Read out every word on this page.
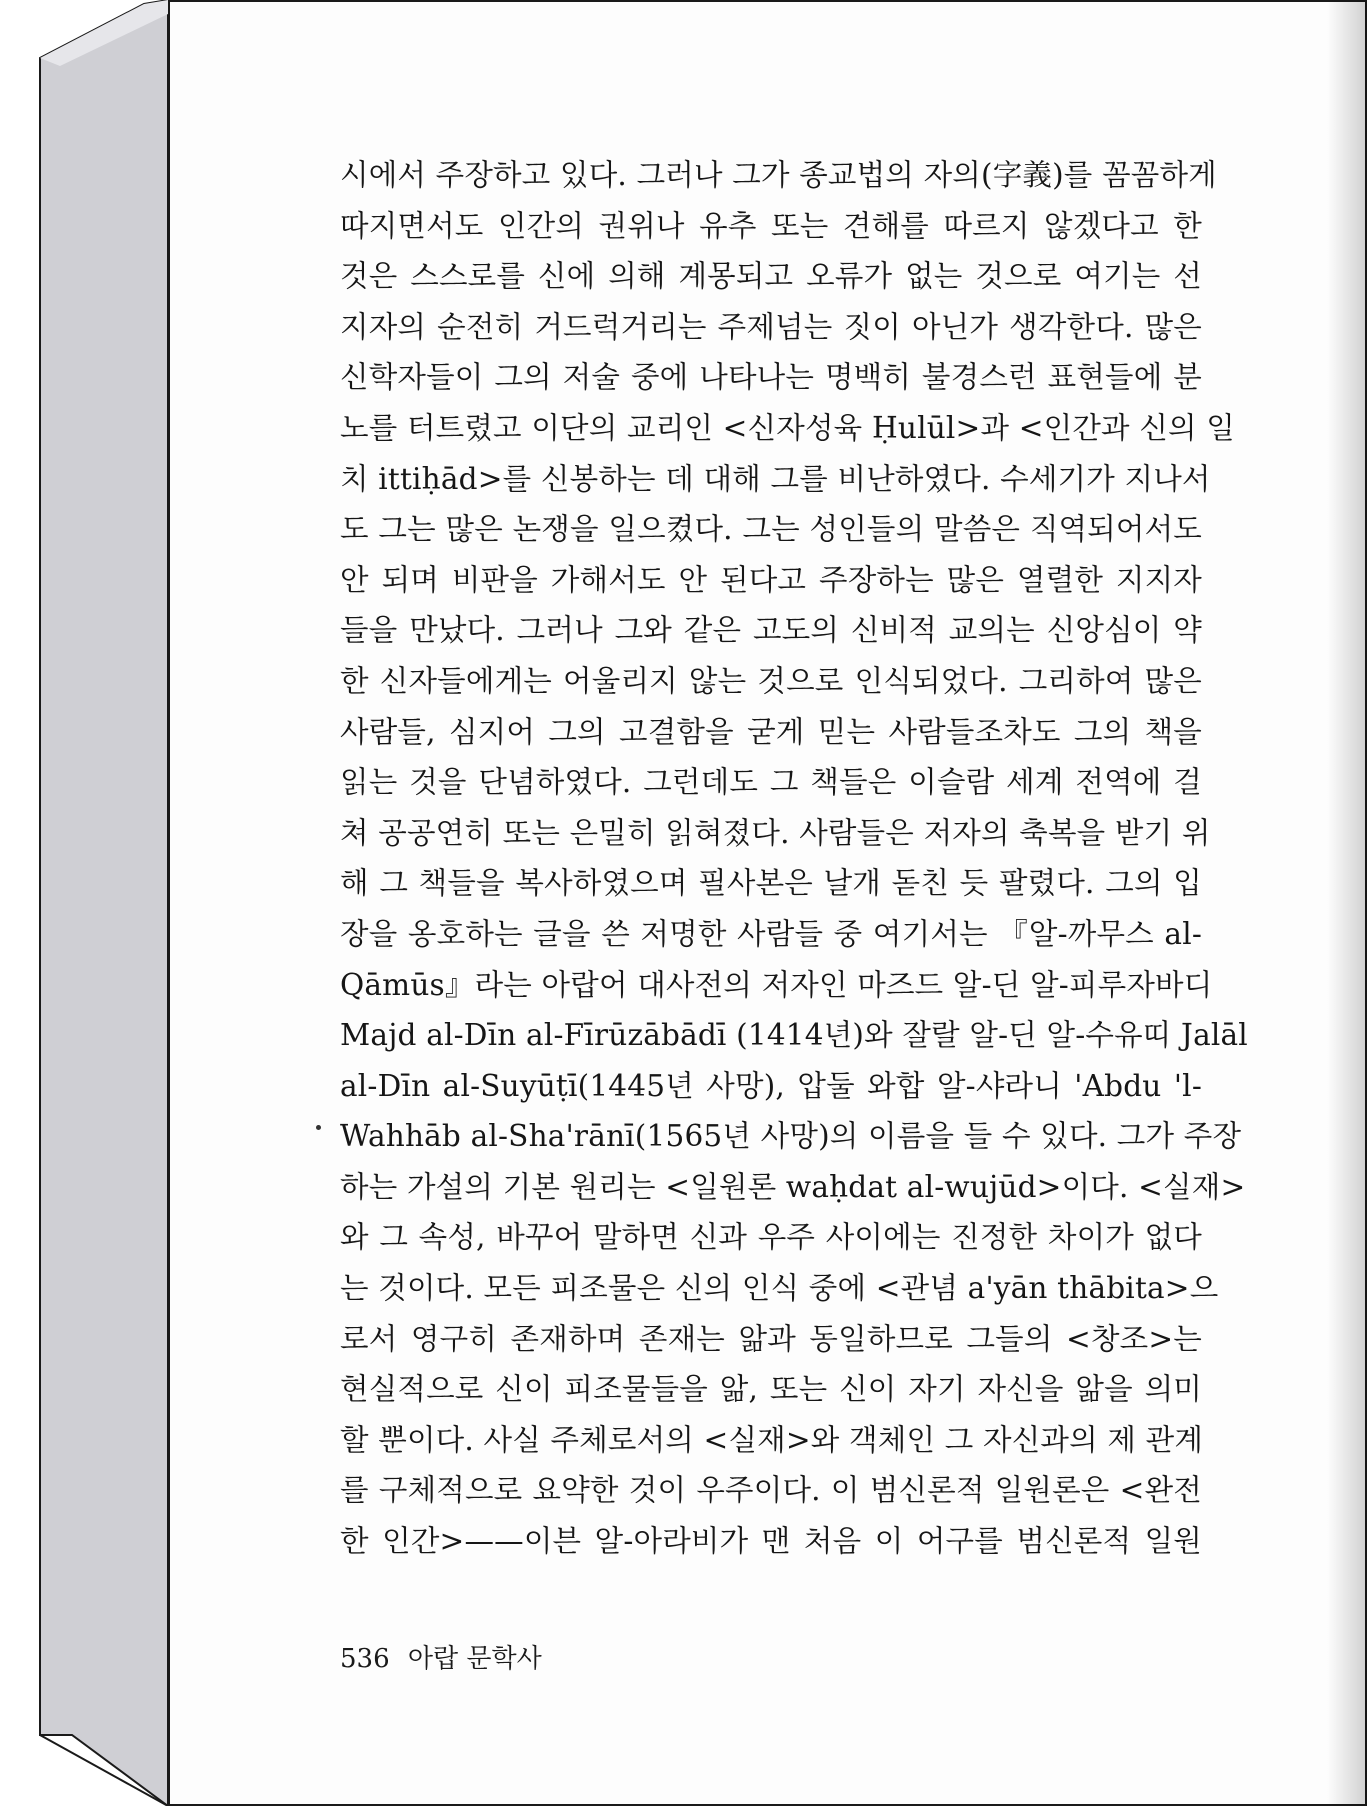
시에서 주장하고 있다. 그러나 그가 종교법의 자의(字義)를 꼼꼼하게
따지면서도 인간의 권위나 유추 또는 견해를 따르지 않겠다고 한
것은 스스로를 신에 의해 계몽되고 오류가 없는 것으로 여기는 선
지자의 순전히 거드럭거리는 주제넘는 짓이 아닌가 생각한다. 많은
신학자들이 그의 저술 중에 나타나는 명백히 불경스런 표현들에 분
노를 터트렸고 이단의 교리인 <신자성육 Ḥulūl>과 <인간과 신의 일
치 ittiḥād>를 신봉하는 데 대해 그를 비난하였다. 수세기가 지나서
도 그는 많은 논쟁을 일으켰다. 그는 성인들의 말씀은 직역되어서도
안 되며 비판을 가해서도 안 된다고 주장하는 많은 열렬한 지지자
들을 만났다. 그러나 그와 같은 고도의 신비적 교의는 신앙심이 약
한 신자들에게는 어울리지 않는 것으로 인식되었다. 그리하여 많은
사람들, 심지어 그의 고결함을 굳게 믿는 사람들조차도 그의 책을
읽는 것을 단념하였다. 그런데도 그 책들은 이슬람 세계 전역에 걸
쳐 공공연히 또는 은밀히 읽혀졌다. 사람들은 저자의 축복을 받기 위
해 그 책들을 복사하였으며 필사본은 날개 돋친 듯 팔렸다. 그의 입
장을 옹호하는 글을 쓴 저명한 사람들 중 여기서는 『알-까무스 al-
Qāmūs』라는 아랍어 대사전의 저자인 마즈드 알-딘 알-피루자바디
Majd al-Dīn al-Fīrūzābādī (1414년)와 잘랄 알-딘 알-수유띠 Jalāl
al-Dīn al-Suyūṭī(1445년 사망), 압둘 와합 알-샤라니 'Abdu 'l-
Wahhāb al-Sha'rānī(1565년 사망)의 이름을 들 수 있다. 그가 주장
하는 가설의 기본 원리는 <일원론 waḥdat al-wujūd>이다. <실재>
와 그 속성, 바꾸어 말하면 신과 우주 사이에는 진정한 차이가 없다
는 것이다. 모든 피조물은 신의 인식 중에 <관념 a'yān thābita>으
로서 영구히 존재하며 존재는 앎과 동일하므로 그들의 <창조>는
현실적으로 신이 피조물들을 앎, 또는 신이 자기 자신을 앎을 의미
할 뿐이다. 사실 주체로서의 <실재>와 객체인 그 자신과의 제 관계
를 구체적으로 요약한 것이 우주이다. 이 범신론적 일원론은 <완전
한 인간>——이븐 알-아라비가 맨 처음 이 어구를 범신론적 일원
536 아랍 문학사
